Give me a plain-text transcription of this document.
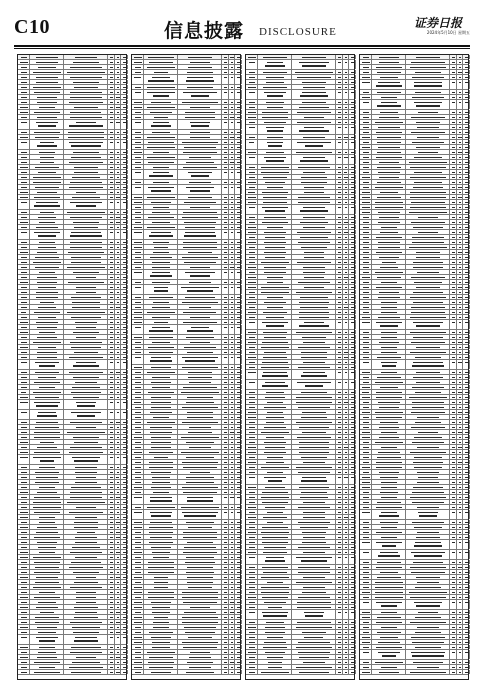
C10	信息披露 DISCLOSURE
证券日报
2024年5月10日 星期五
